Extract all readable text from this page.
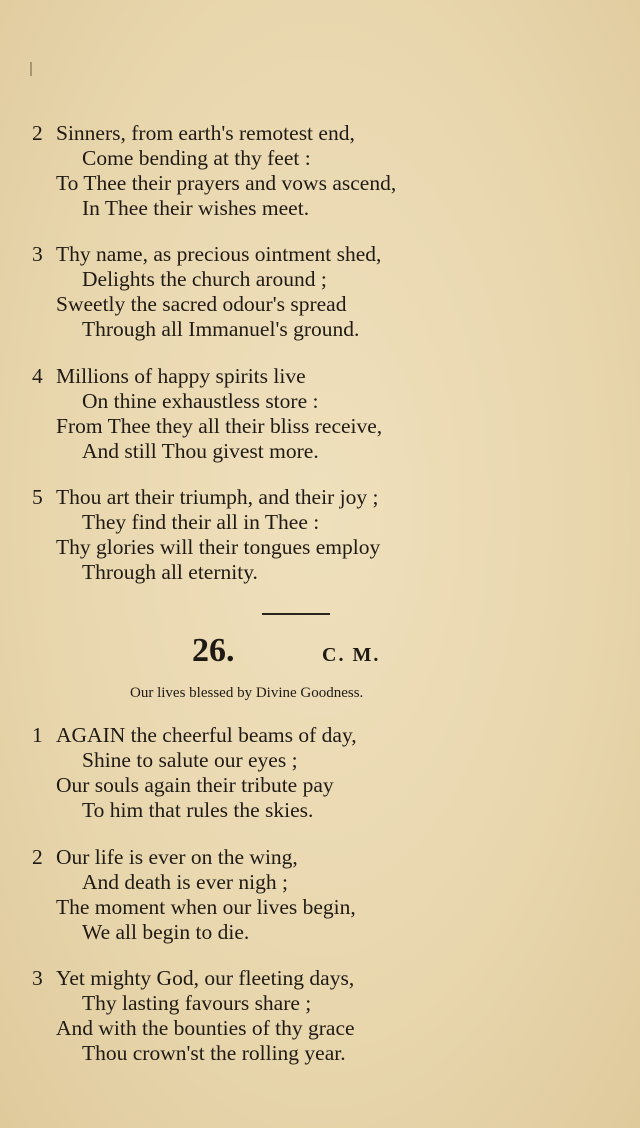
2 Sinners, from earth's remotest end,
Come bending at thy feet :
To Thee their prayers and vows ascend,
In Thee their wishes meet.
3 Thy name, as precious ointment shed,
Delights the church around ;
Sweetly the sacred odour's spread
Through all Immanuel's ground.
4 Millions of happy spirits live
On thine exhaustless store :
From Thee they all their bliss receive,
And still Thou givest more.
5 Thou art their triumph, and their joy ;
They find their all in Thee :
Thy glories will their tongues employ
Through all eternity.
26.	C. M.
Our lives blessed by Divine Goodness.
1 AGAIN the cheerful beams of day,
Shine to salute our eyes ;
Our souls again their tribute pay
To him that rules the skies.
2 Our life is ever on the wing,
And death is ever nigh ;
The moment when our lives begin,
We all begin to die.
3 Yet mighty God, our fleeting days,
Thy lasting favours share ;
And with the bounties of thy grace
Thou crown'st the rolling year.
